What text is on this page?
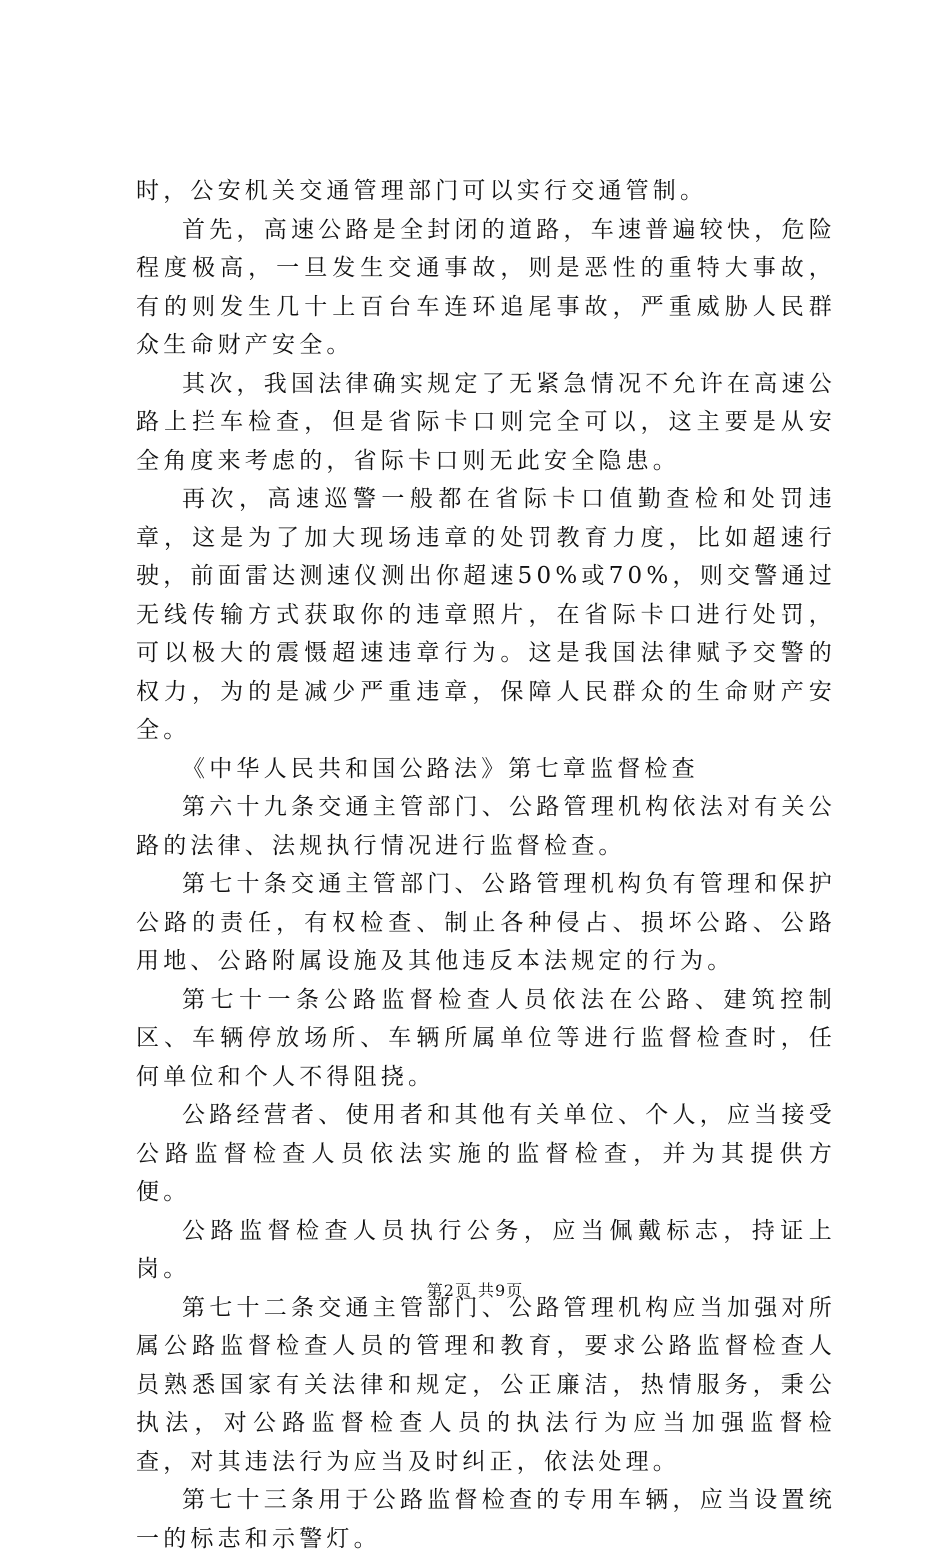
时，公安机关交通管理部门可以实行交通管制。

首先，高速公路是全封闭的道路，车速普遍较快，危险程度极高，一旦发生交通事故，则是恶性的重特大事故，有的则发生几十上百台车连环追尾事故，严重威胁人民群众生命财产安全。

其次，我国法律确实规定了无紧急情况不允许在高速公路上拦车检查，但是省际卡口则完全可以，这主要是从安全角度来考虑的，省际卡口则无此安全隐患。

再次，高速巡警一般都在省际卡口值勤查检和处罚违章，这是为了加大现场违章的处罚教育力度，比如超速行驶，前面雷达测速仪测出你超速50%或70%，则交警通过无线传输方式获取你的违章照片，在省际卡口进行处罚，可以极大的震慑超速违章行为。这是我国法律赋予交警的权力，为的是减少严重违章，保障人民群众的生命财产安全。

《中华人民共和国公路法》第七章监督检查

第六十九条交通主管部门、公路管理机构依法对有关公路的法律、法规执行情况进行监督检查。

第七十条交通主管部门、公路管理机构负有管理和保护公路的责任，有权检查、制止各种侵占、损坏公路、公路用地、公路附属设施及其他违反本法规定的行为。

第七十一条公路监督检查人员依法在公路、建筑控制区、车辆停放场所、车辆所属单位等进行监督检查时，任何单位和个人不得阻挠。

公路经营者、使用者和其他有关单位、个人，应当接受公路监督检查人员依法实施的监督检查，并为其提供方便。

公路监督检查人员执行公务，应当佩戴标志，持证上岗。

第七十二条交通主管部门、公路管理机构应当加强对所属公路监督检查人员的管理和教育，要求公路监督检查人员熟悉国家有关法律和规定，公正廉洁，热情服务，秉公执法，对公路监督检查人员的执法行为应当加强监督检查，对其违法行为应当及时纠正，依法处理。

第七十三条用于公路监督检查的专用车辆，应当设置统一的标志和示警灯。

第2页 共9页
